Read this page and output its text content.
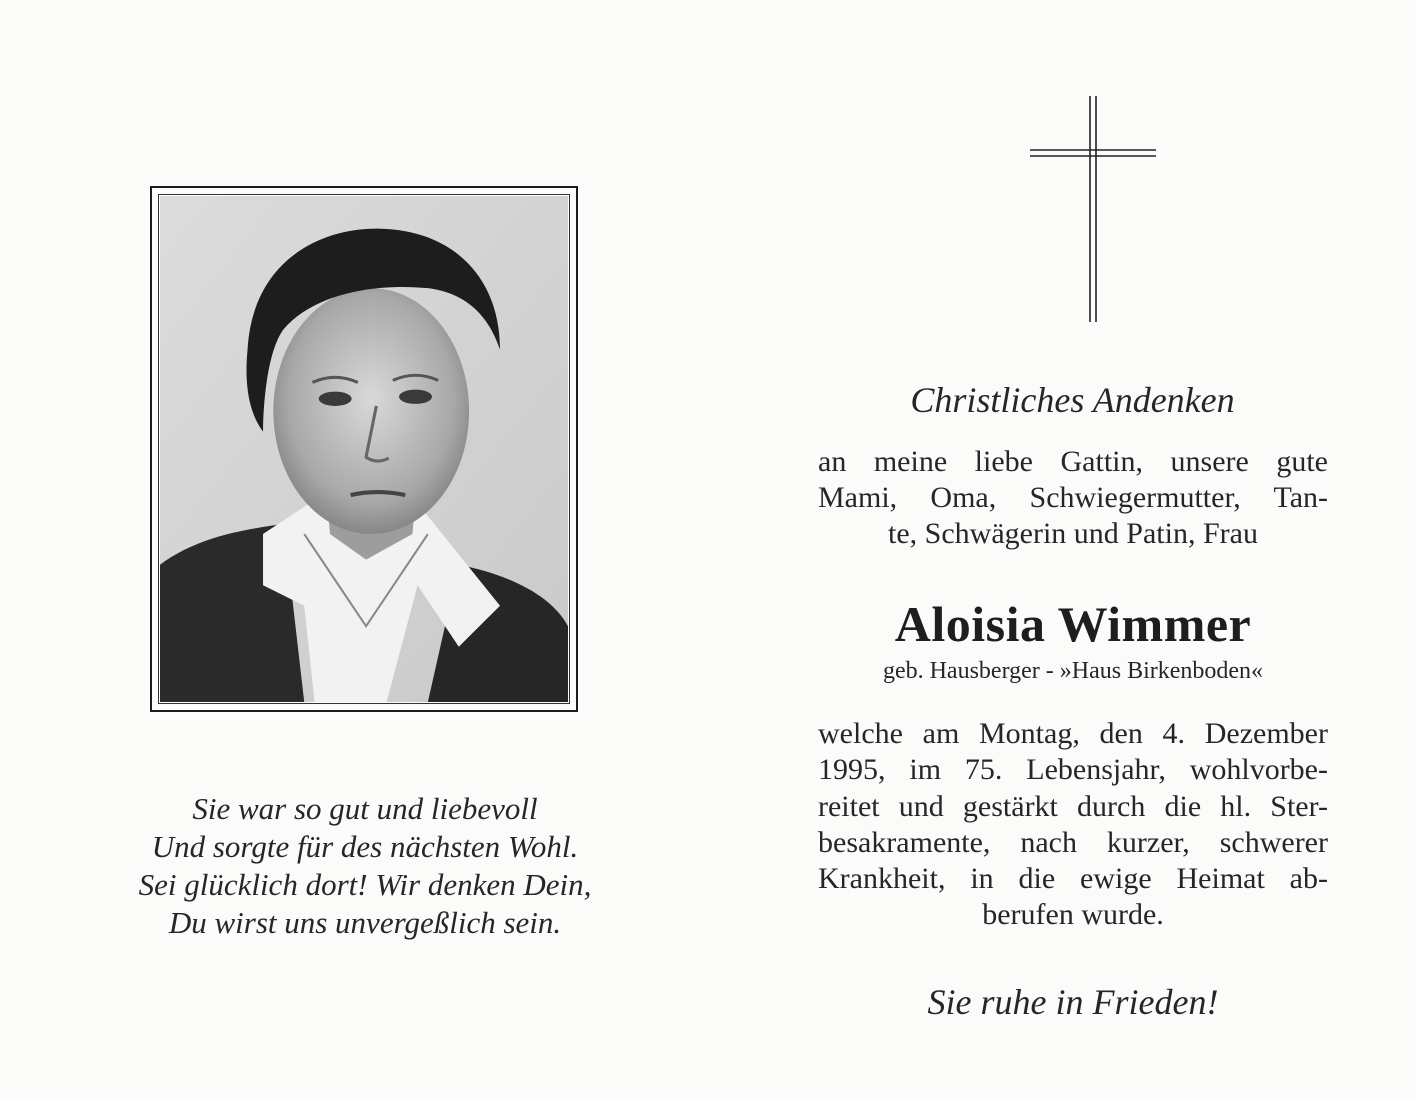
Sie war so gut und liebevoll
Und sorgte für des nächsten Wohl.
Sei glücklich dort! Wir denken Dein,
Du wirst uns unvergeßlich sein.
Christliches Andenken
an meine liebe Gattin, unsere gute
Mami, Oma, Schwiegermutter, Tan-
te, Schwägerin und Patin, Frau
Aloisia Wimmer
geb. Hausberger - »Haus Birkenboden«
welche am Montag, den 4. Dezember
1995, im 75. Lebensjahr, wohlvorbe-
reitet und gestärkt durch die hl. Ster-
besakramente, nach kurzer, schwerer
Krankheit, in die ewige Heimat ab-
berufen wurde.
Sie ruhe in Frieden!
